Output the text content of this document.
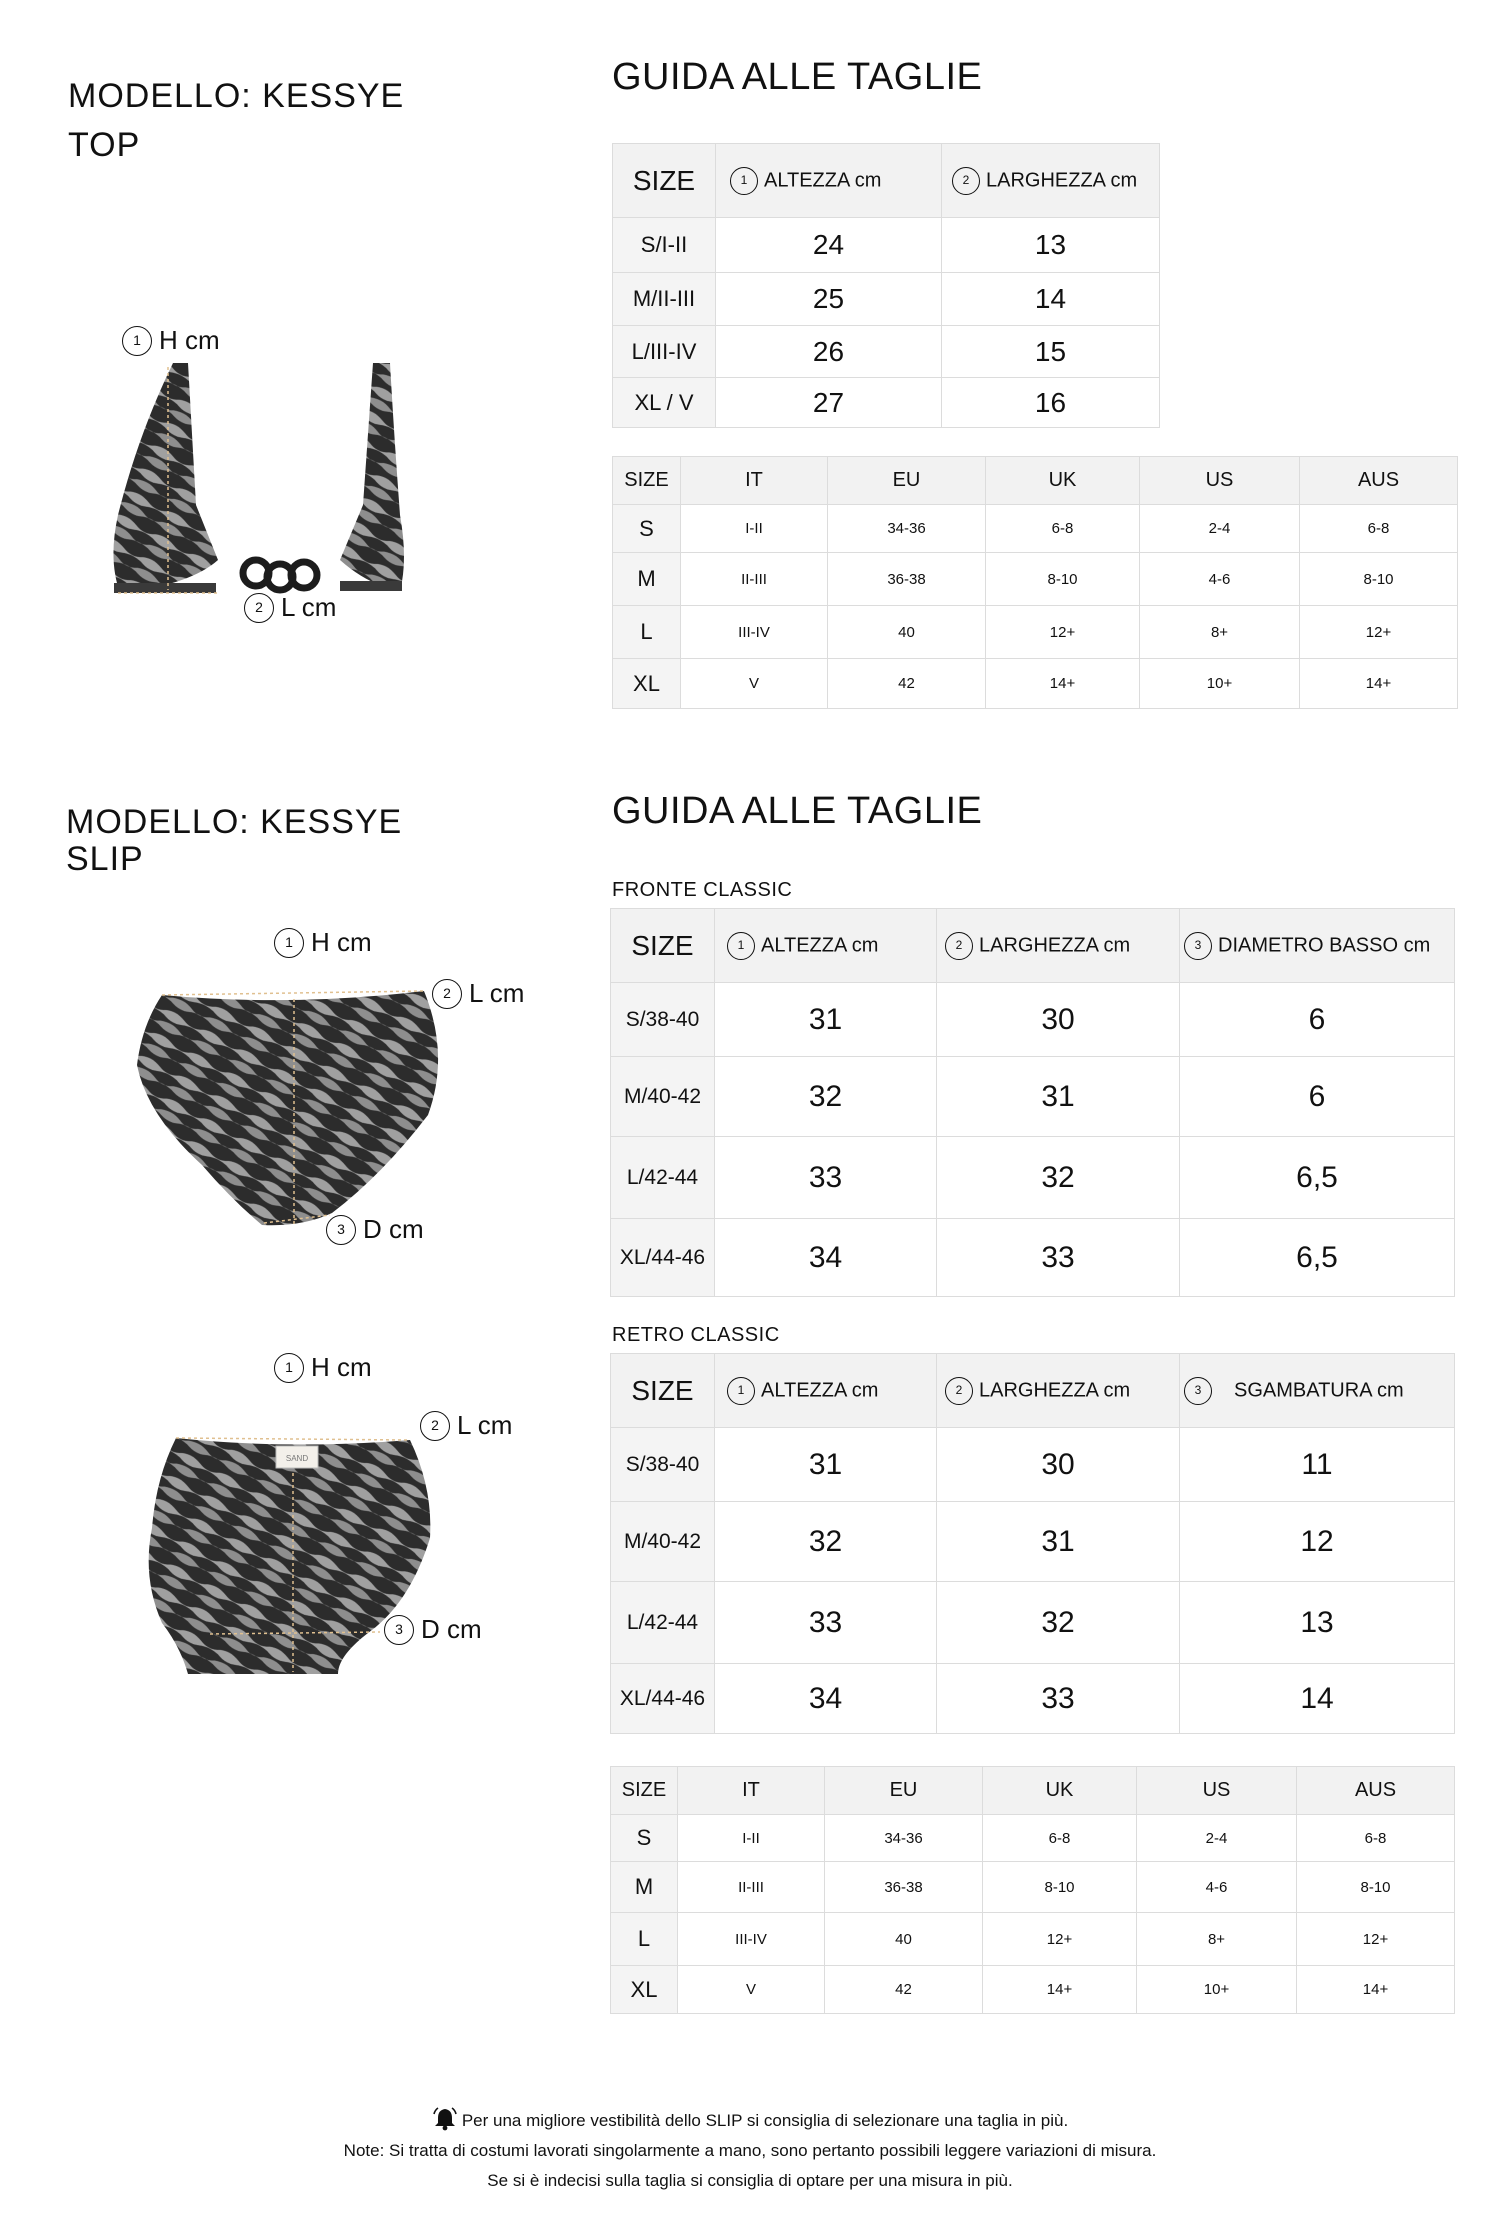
MODELLO: KESSYE
TOP
GUIDA ALLE TAGLIE
1 H cm
2 L cm
SIZE	1 ALTEZZA cm	2 LARGHEZZA cm
S/I-II	24	13
M/II-III	25	14
L/III-IV	26	15
XL / V	27	16
SIZE	IT	EU	UK	US	AUS
S	I-II	34-36	6-8	2-4	6-8
M	II-III	36-38	8-10	4-6	8-10
L	III-IV	40	12+	8+	12+
XL	V	42	14+	10+	14+
MODELLO: KESSYE
SLIP
GUIDA ALLE TAGLIE
1 H cm
2 L cm
3 D cm
SAND
1 H cm
2 L cm
3 D cm
FRONTE CLASSIC
SIZE	1 ALTEZZA cm	2 LARGHEZZA cm	3 DIAMETRO BASSO cm
S/38-40	31	30	6
M/40-42	32	31	6
L/42-44	33	32	6,5
XL/44-46	34	33	6,5
RETRO CLASSIC
SIZE	1 ALTEZZA cm	2 LARGHEZZA cm	3 SGAMBATURA cm
S/38-40	31	30	11
M/40-42	32	31	12
L/42-44	33	32	13
XL/44-46	34	33	14
SIZE	IT	EU	UK	US	AUS
S	I-II	34-36	6-8	2-4	6-8
M	II-III	36-38	8-10	4-6	8-10
L	III-IV	40	12+	8+	12+
XL	V	42	14+	10+	14+
Per una migliore vestibilità dello SLIP si consiglia di selezionare una taglia in più.
Note: Si tratta di costumi lavorati singolarmente a mano, sono pertanto possibili leggere variazioni di misura.
Se si è indecisi sulla taglia si consiglia di optare per una misura in più.
